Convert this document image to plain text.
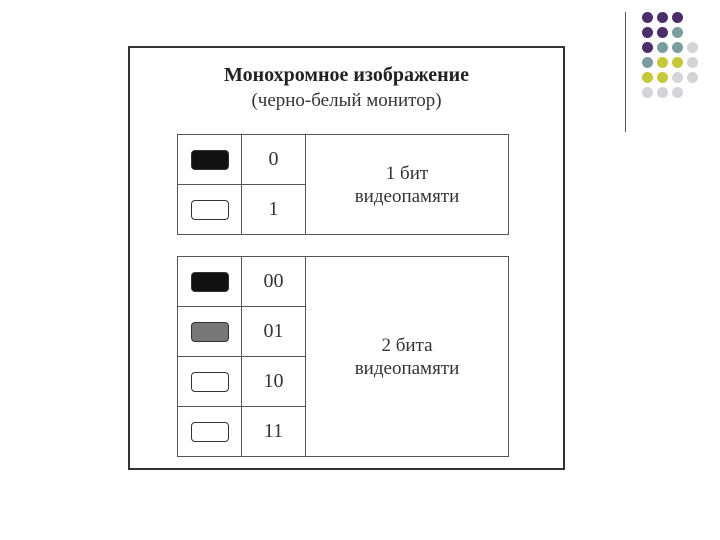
Монохромное изображение
(черно-белый монитор)
	0	1 бит
видеопамяти

	1	
	00	2 бита
видеопамяти

	01	
	10	
	11	
